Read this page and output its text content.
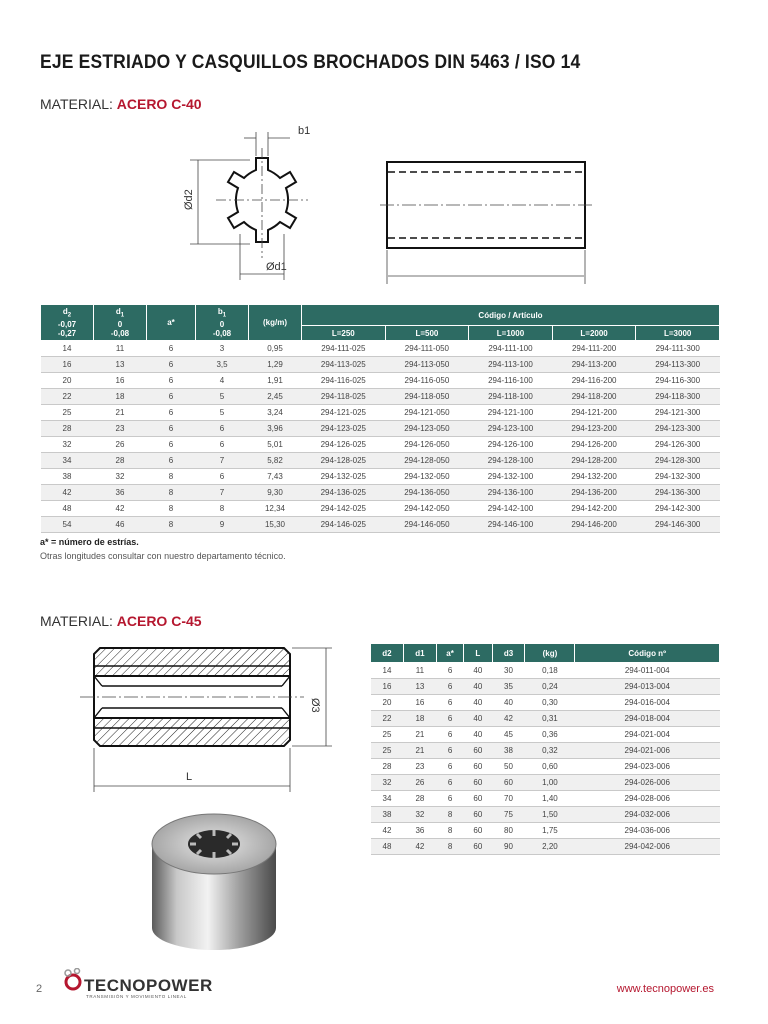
EJE ESTRIADO Y CASQUILLOS BROCHADOS DIN 5463 / ISO 14
MATERIAL: ACERO C-40
b1
Ød2
Ød1
$d_2$
-0,07
-0,27	$d_1$
0
-0,08	a*	$b_1$
0
-0,08	(kg/m)	Código / Artículo				
					L=250	L=500	L=1000	L=2000	L=3000
14	11	6	3	0,95	294-111-025	294-111-050	294-111-100	294-111-200	294-111-300
16	13	6	3,5	1,29	294-113-025	294-113-050	294-113-100	294-113-200	294-113-300
20	16	6	4	1,91	294-116-025	294-116-050	294-116-100	294-116-200	294-116-300
22	18	6	5	2,45	294-118-025	294-118-050	294-118-100	294-118-200	294-118-300
25	21	6	5	3,24	294-121-025	294-121-050	294-121-100	294-121-200	294-121-300
28	23	6	6	3,96	294-123-025	294-123-050	294-123-100	294-123-200	294-123-300
32	26	6	6	5,01	294-126-025	294-126-050	294-126-100	294-126-200	294-126-300
34	28	6	7	5,82	294-128-025	294-128-050	294-128-100	294-128-200	294-128-300
38	32	8	6	7,43	294-132-025	294-132-050	294-132-100	294-132-200	294-132-300
42	36	8	7	9,30	294-136-025	294-136-050	294-136-100	294-136-200	294-136-300
48	42	8	8	12,34	294-142-025	294-142-050	294-142-100	294-142-200	294-142-300
54	46	8	9	15,30	294-146-025	294-146-050	294-146-100	294-146-200	294-146-300
a* = número de estrías.
Otras longitudes consultar con nuestro departamento técnico.
MATERIAL: ACERO C-45
Ø3
L
d2	d1	a*	L	d3	(kg)	Código nº
14	11	6	40	30	0,18	294-011-004
16	13	6	40	35	0,24	294-013-004
20	16	6	40	40	0,30	294-016-004
22	18	6	40	42	0,31	294-018-004
25	21	6	40	45	0,36	294-021-004
25	21	6	60	38	0,32	294-021-006
28	23	6	60	50	0,60	294-023-006
32	26	6	60	60	1,00	294-026-006
34	28	6	60	70	1,40	294-028-006
38	32	8	60	75	1,50	294-032-006
42	36	8	60	80	1,75	294-036-006
48	42	8	60	90	2,20	294-042-006
2 TECNOPOWER
TRANSMISIÓN Y MOVIMIENTO LINEAL
www.tecnopower.es
